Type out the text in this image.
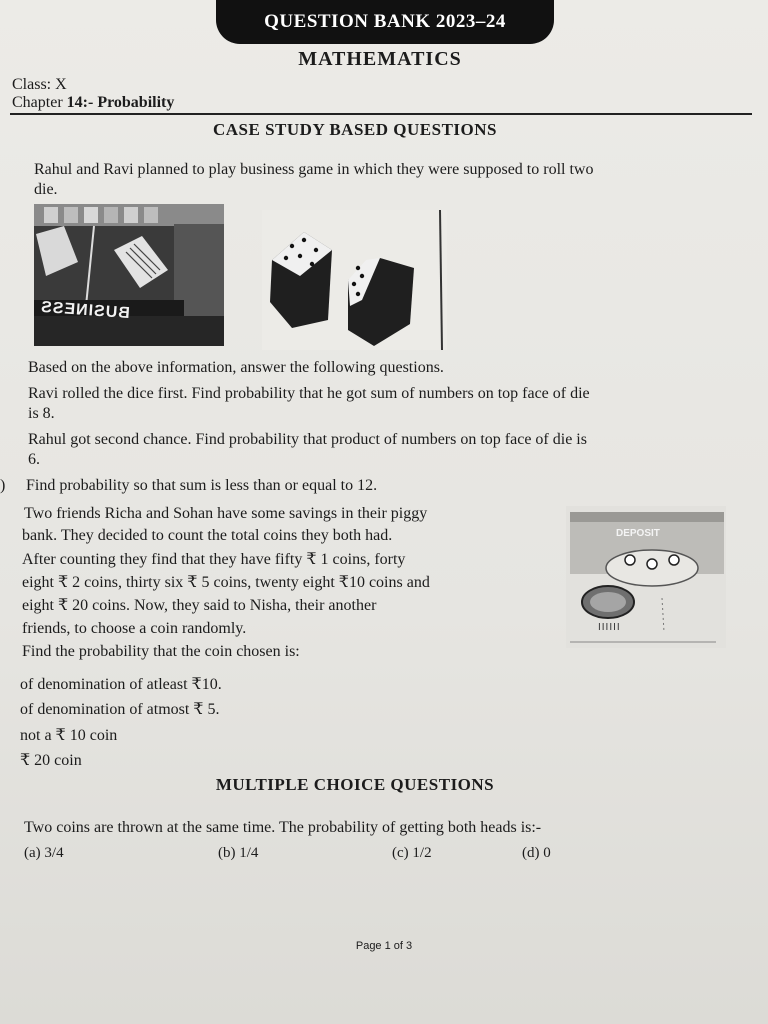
QUESTION BANK 2023–24
MATHEMATICS
Class: X
Chapter 14:- Probability
CASE STUDY BASED QUESTIONS
Rahul and Ravi planned to play business game in which they were supposed to roll two
die.
BUSINESS
Based on the above information, answer the following questions.
Ravi rolled the dice first. Find probability that he got sum of numbers on top face of die
is 8.
Rahul got second chance. Find probability that product of numbers on top face of die is
6.
) Find probability so that sum is less than or equal to 12.
Two friends Richa and Sohan have some savings in their piggy
bank. They decided to count the total coins they both had.
After counting they find that they have fifty ₹ 1 coins, forty
eight ₹ 2 coins, thirty six ₹ 5 coins, twenty eight ₹10 coins and
eight ₹ 20 coins. Now, they said to Nisha, their another
friends, to choose a coin randomly.
Find the probability that the coin chosen is:
DEPOSIT
IIIIII
of denomination of atleast ₹10.
of denomination of atmost ₹ 5.
not a ₹ 10 coin
₹ 20 coin
MULTIPLE CHOICE QUESTIONS
Two coins are thrown at the same time. The probability of getting both heads is:-
(a) 3/4	(b) 1/4	(c) 1/2	(d) 0
Page 1 of 3
